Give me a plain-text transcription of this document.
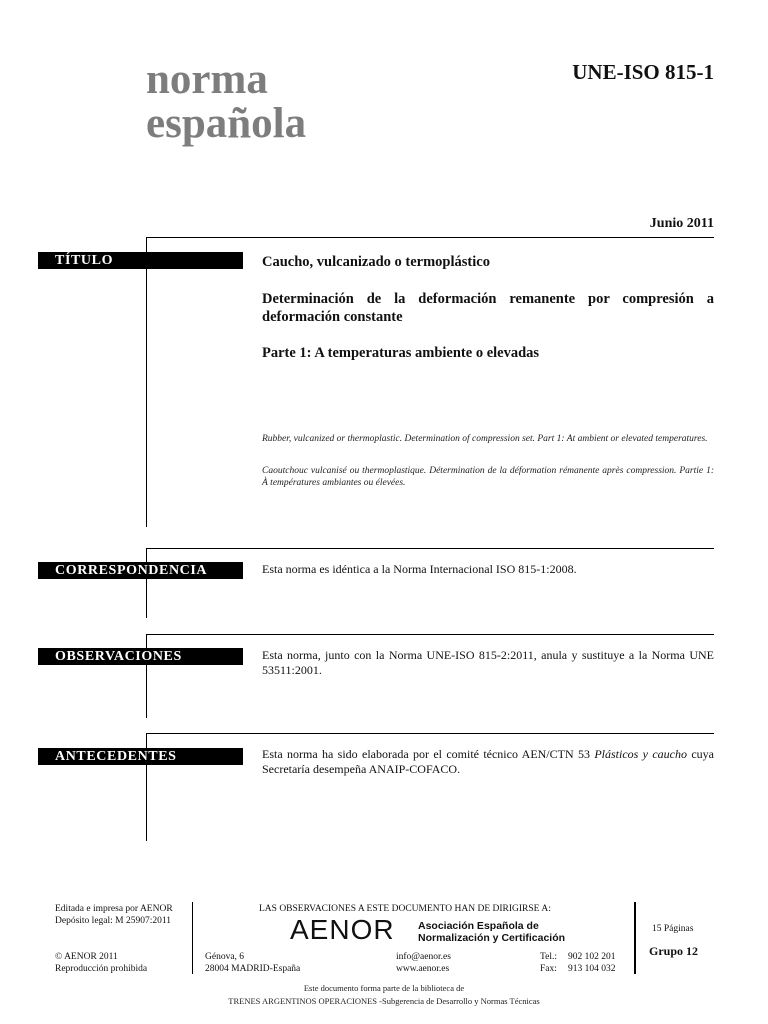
norma
española
UNE-ISO 815-1
Junio 2011
TÍTULO	Caucho, vulcanizado o termoplástico
Determinación de la deformación remanente por compresión a deformación constante
Parte 1: A temperaturas ambiente o elevadas
Rubber, vulcanized or thermoplastic. Determination of compression set. Part 1: At ambient or elevated temperatures.
Caoutchouc vulcanisé ou thermoplastique. Détermination de la déformation rémanente après compression. Partie 1: À températures ambiantes ou élevées.
CORRESPONDENCIA	Esta norma es idéntica a la Norma Internacional ISO 815-1:2008.
OBSERVACIONES	Esta norma, junto con la Norma UNE-ISO 815-2:2011, anula y sustituye a la Norma UNE 53511:2001.
ANTECEDENTES	Esta norma ha sido elaborada por el comité técnico AEN/CTN 53 Plásticos y caucho cuya Secretaría desempeña ANAIP-COFACO.
Editada e impresa por AENOR
Depósito legal: M 25907:2011
© AENOR 2011
Reproducción prohibida
LAS OBSERVACIONES A ESTE DOCUMENTO HAN DE DIRIGIRSE A:
AENOR Asociación Española de
Normalización y Certificación
Génova, 6
28004 MADRID-España
info@aenor.es
www.aenor.es
Tel.: 902 102 201
Fax: 913 104 032
15 Páginas
Grupo 12
Este documento forma parte de la biblioteca de
TRENES ARGENTINOS OPERACIONES -Subgerencia de Desarrollo y Normas Técnicas
